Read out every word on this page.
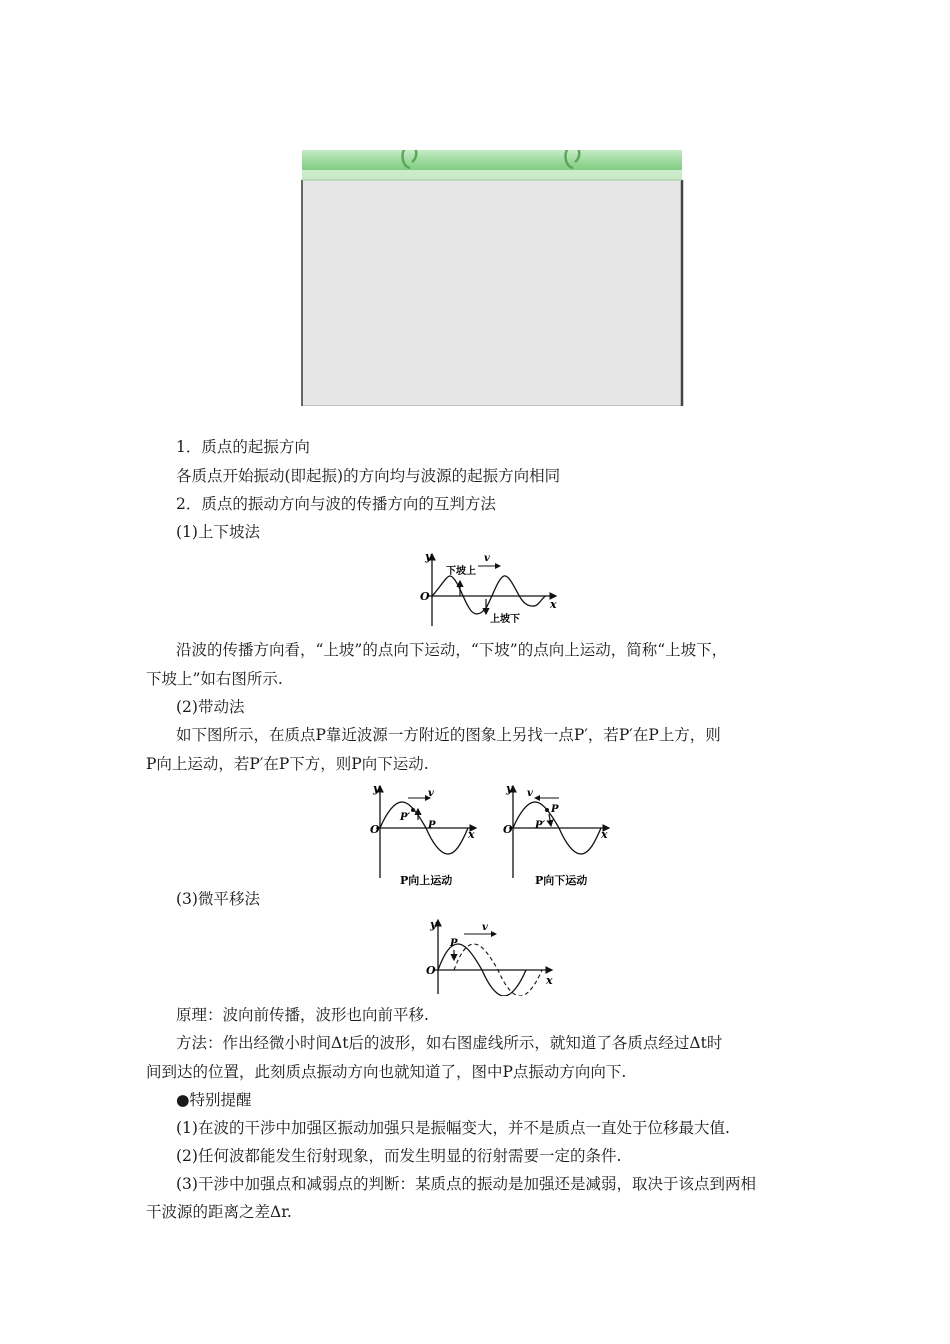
1．质点的起振方向
各质点开始振动(即起振)的方向均与波源的起振方向相同
2．质点的振动方向与波的传播方向的互判方法
(1)上下坡法
y
O
x
v
下坡上
上坡下
沿波的传播方向看，“上坡”的点向下运动，“下坡”的点向上运动，简称“上坡下，
下坡上”如右图所示.
(2)带动法
如下图所示，在质点P靠近波源一方附近的图象上另找一点P′，若P′在P上方，则
P向上运动，若P′在P下方，则P向下运动.
y
O	x
v
P′
P
P向上运动
y
O	x
v
P′
P
P向下运动
(3)微平移法
y
O
x
v
P
原理：波向前传播，波形也向前平移.
方法：作出经微小时间Δt后的波形，如右图虚线所示，就知道了各质点经过Δt时
间到达的位置，此刻质点振动方向也就知道了，图中P点振动方向向下.
●特别提醒
(1)在波的干涉中加强区振动加强只是振幅变大，并不是质点一直处于位移最大值.
(2)任何波都能发生衍射现象，而发生明显的衍射需要一定的条件.
(3)干涉中加强点和减弱点的判断：某质点的振动是加强还是减弱，取决于该点到两相
干波源的距离之差Δr.
